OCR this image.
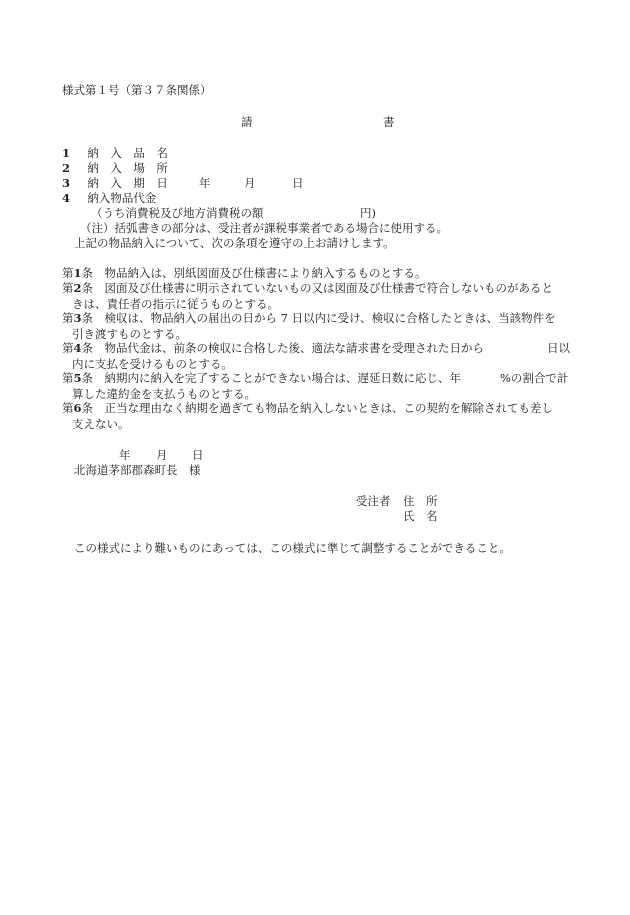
様式第１号（第３７条関係）
請	書
1 納　入　品　名
2 納　入　場　所
3 納　入　期　日	年	月	日
4 納入物品代金
（うち消費税及び地方消費税の額	円)
（注）括弧書きの部分は、受注者が課税事業者である場合に使用する。
上記の物品納入について、次の条項を遵守の上お請けします。
第1条　 物品納入は、別紙図面及び仕様書により納入するものとする。
第2条　 図面及び仕様書に明示されていないもの又は図面及び仕様書で符合しないものがあると
きは、責任者の指示に従うものとする。
第3条　 検収は、物品納入の届出の日から 7 日以内に受け、検収に合格したときは、当該物件を
引き渡すものとする。
第4条　 物品代金は、前条の検収に合格した後、適法な請求書を受理された日から
内に支払を受けるものとする。
日以
第5条　 納期内に納入を完了することができない場合は、遅延日数に応じ、年
算した違約金を支払うものとする。
%の割合で計
第6条　 正当な理由なく納期を過ぎても物品を納入しないときは、この契約を解除されても差し
支えない。
年 月 日
北海道茅部郡森町長　様
受注者 住　所
氏　名
この様式により難いものにあっては、この様式に準じて調整することができること。
